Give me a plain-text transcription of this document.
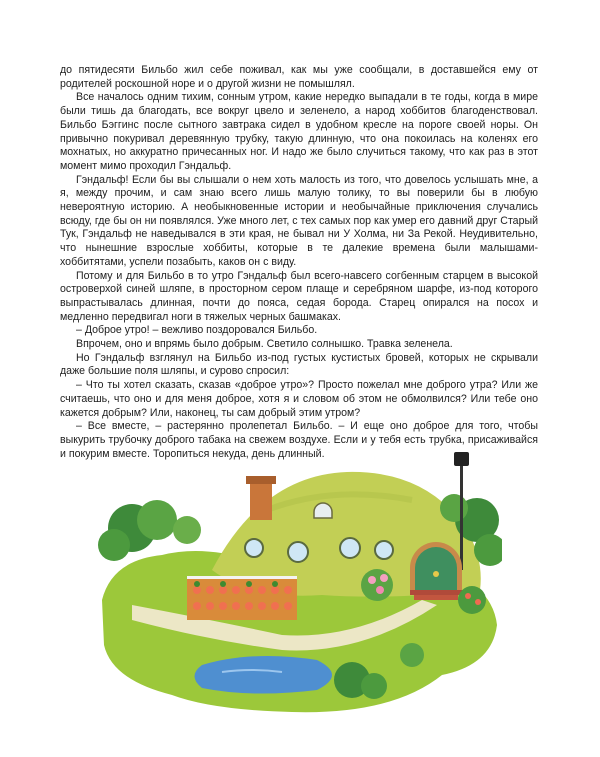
до пятидесяти Бильбо жил себе поживал, как мы уже сообщали, в доставшейся ему от родителей роскошной норе и о другой жизни не помышлял.

Все началось одним тихим, сонным утром, какие нередко выпадали в те годы, когда в мире были тишь да благодать, все вокруг цвело и зеленело, а народ хоббитов благоденствовал. Бильбо Бэггинс после сытного завтрака сидел в удобном кресле на пороге своей норы. Он привычно покуривал деревянную трубку, такую длинную, что она покоилась на коленях его мохнатых, но аккуратно причесанных ног. И надо же было случиться такому, что как раз в этот момент мимо проходил Гэндальф.

Гэндальф! Если бы вы слышали о нем хоть малость из того, что довелось услышать мне, а я, между прочим, и сам знаю всего лишь малую толику, то вы поверили бы в любую невероятную историю. А необыкновенные истории и необычайные приключения случались всюду, где бы он ни появлялся. Уже много лет, с тех самых пор как умер его давний друг Старый Тук, Гэндальф не наведывался в эти края, не бывал ни У Холма, ни За Рекой. Неудивительно, что нынешние взрослые хоббиты, которые в те далекие времена были малышами-хоббитятами, успели позабыть, каков он с виду.

Потому и для Бильбо в то утро Гэндальф был всего-навсего согбенным старцем в высокой островерхой синей шляпе, в просторном сером плаще и серебряном шарфе, из-под которого выпрастывалась длинная, почти до пояса, седая борода. Старец опирался на посох и медленно передвигал ноги в тяжелых черных башмаках.

– Доброе утро! – вежливо поздоровался Бильбо.

Впрочем, оно и впрямь было добрым. Светило солнышко. Травка зеленела.

Но Гэндальф взглянул на Бильбо из-под густых кустистых бровей, которых не скрывали даже большие поля шляпы, и сурово спросил:

– Что ты хотел сказать, сказав «доброе утро»? Просто пожелал мне доброго утра? Или же считаешь, что оно и для меня доброе, хотя я и словом об этом не обмолвился? Или тебе оно кажется добрым? Или, наконец, ты сам добрый этим утром?

– Все вместе, – растерянно пролепетал Бильбо. – И еще оно доброе для того, чтобы выкурить трубочку доброго табака на свежем воздухе. Если и у тебя есть трубка, присаживайся и покурим вместе. Торопиться некуда, день длинный.
